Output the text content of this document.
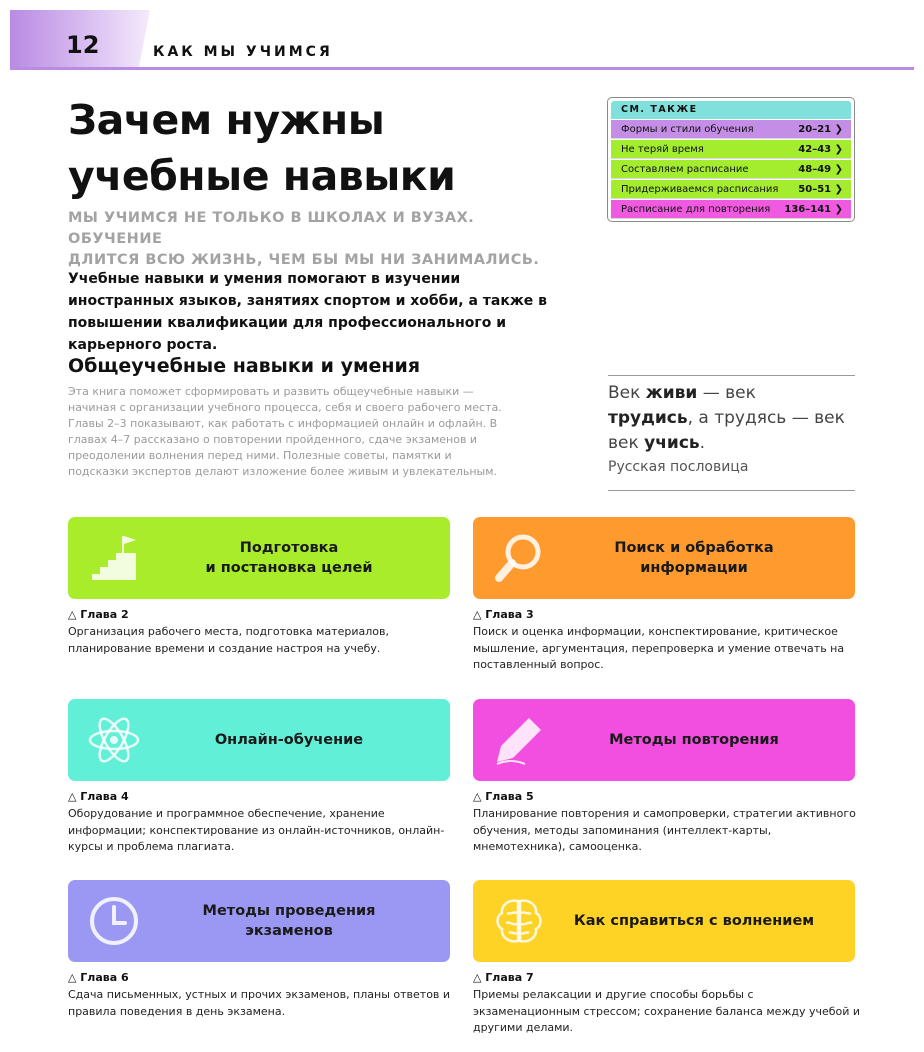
12	КАК МЫ УЧИМСЯ
Зачем нужны
учебные навыки
МЫ УЧИМСЯ НЕ ТОЛЬКО В ШКОЛАХ И ВУЗАХ. ОБУЧЕНИЕ
ДЛИТСЯ ВСЮ ЖИЗНЬ, ЧЕМ БЫ МЫ НИ ЗАНИМАЛИСЬ.

Учебные навыки и умения помогают в изучении иностранных языков, занятиях спортом и хобби, а также в повышении квалификации для профессионального и карьерного роста.

СМ. ТАКЖЕ
Формы и стили обучения	20–21 ❯
Не теряй время	42–43 ❯
Составляем расписание	48–49 ❯
Придерживаемся расписания 50–51 ❯
Расписание для повторения 136–141 ❯
Общеучебные навыки и умения

Эта книга поможет сформировать и развить общеучебные навыки — начиная с организации учебного процесса, себя и своего рабочего места. Главы 2–3 показывают, как работать с информацией онлайн и офлайн. В главах 4–7 рассказано о повторении пройденного, сдаче экзаменов и преодолении волнения перед ними. Полезные советы, памятки и подсказки экспертов делают изложение более живым и увлекательным.

Век живи — век
трудись, а трудясь — век
век учись.
Русская пословица
Подготовка
и постановка целей
△ Глава 2
Организация рабочего места, подготовка материалов, планирование времени и создание настроя на учебу.
Поиск и обработка
информации
△ Глава 3
Поиск и оценка информации, конспектирование, критическое мышление, аргументация, перепроверка и умение отвечать на поставленный вопрос.
Онлайн-обучение
△ Глава 4
Оборудование и программное обеспечение, хранение информации; конспектирование из онлайн-источников, онлайн-курсы и проблема плагиата.
Методы повторения
△ Глава 5
Планирование повторения и самопроверки, стратегии активного обучения, методы запоминания (интеллект-карты, мнемотехника), самооценка.
Методы проведения
экзаменов
△ Глава 6
Сдача письменных, устных и прочих экзаменов, планы ответов и правила поведения в день экзамена.
Как справиться с волнением
△ Глава 7
Приемы релаксации и другие способы борьбы с экзаменационным стрессом; сохранение баланса между учебой и другими делами.
